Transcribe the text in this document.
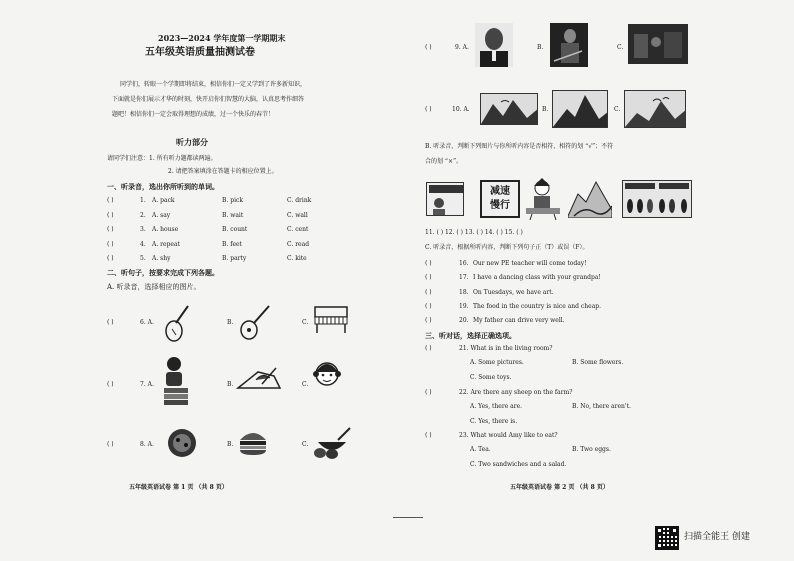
2023—2024 学年度第一学期期末
五年级英语质量抽测试卷
同学们，转眼一个学期即将结束，相信你们一定又学到了许多新知识，
下面就是你们展示才华的时刻，快开启你们智慧的大脑，认真思考作细答
题吧！相信你们一定会取得理想的成绩，过一个快乐的春节！
听力部分
请同学们注意：1. 所有听力题都读两遍。
2. 请把答案填涂在答题卡的相应位置上。
一、听录音，选出你所听到的单词。
( )	1. A. pack	B. pick	C. drink
( )	2. A. say	B. wait	C. wall
( )	3. A. house	B. count	C. cent
( )	4. A. repeat	B. feet	C. read
( )	5. A. shy	B. party	C. kite
二、听句子，按要求完成下列各题。
A. 听录音，选择相应的图片。
( )	6. A.	B.	C.
( )	7. A.	B.	C.
( )	8. A.	B.	C.
五年级英语试卷 第 1 页 （共 8 页）
( )	9. A.	B.	C.
( )	10. A.	B.	C.
B. 听录音，判断下列图片与你所听内容是否相符，相符的划 “√”；不符
合的划 “×”。
减速
慢行
11. ( ) 12. ( ) 13. ( ) 14. ( ) 15. ( )
C. 听录音，根据所听内容，判断下列句子正（T）或误（F）。
( )	16. Our new PE teacher will come today!
( )	17. I have a dancing class with your grandpa!
( )	18. On Tuesdays, we have art.
( )	19. The food in the country is nice and cheap.
( )	20. My father can drive very well.
三、听对话，选择正确选项。
( )	21. What is in the living room?
A. Some pictures.	B. Some flowers.
C. Some toys.
( )	22. Are there any sheep on the farm?
A. Yes, there are.	B. No, there aren't.
C. Yes, there is.
( )	23. What would Amy like to eat?
A. Tea.	B. Two eggs.
C. Two sandwiches and a salad.
五年级英语试卷 第 2 页 （共 8 页）
扫描全能王 创建
